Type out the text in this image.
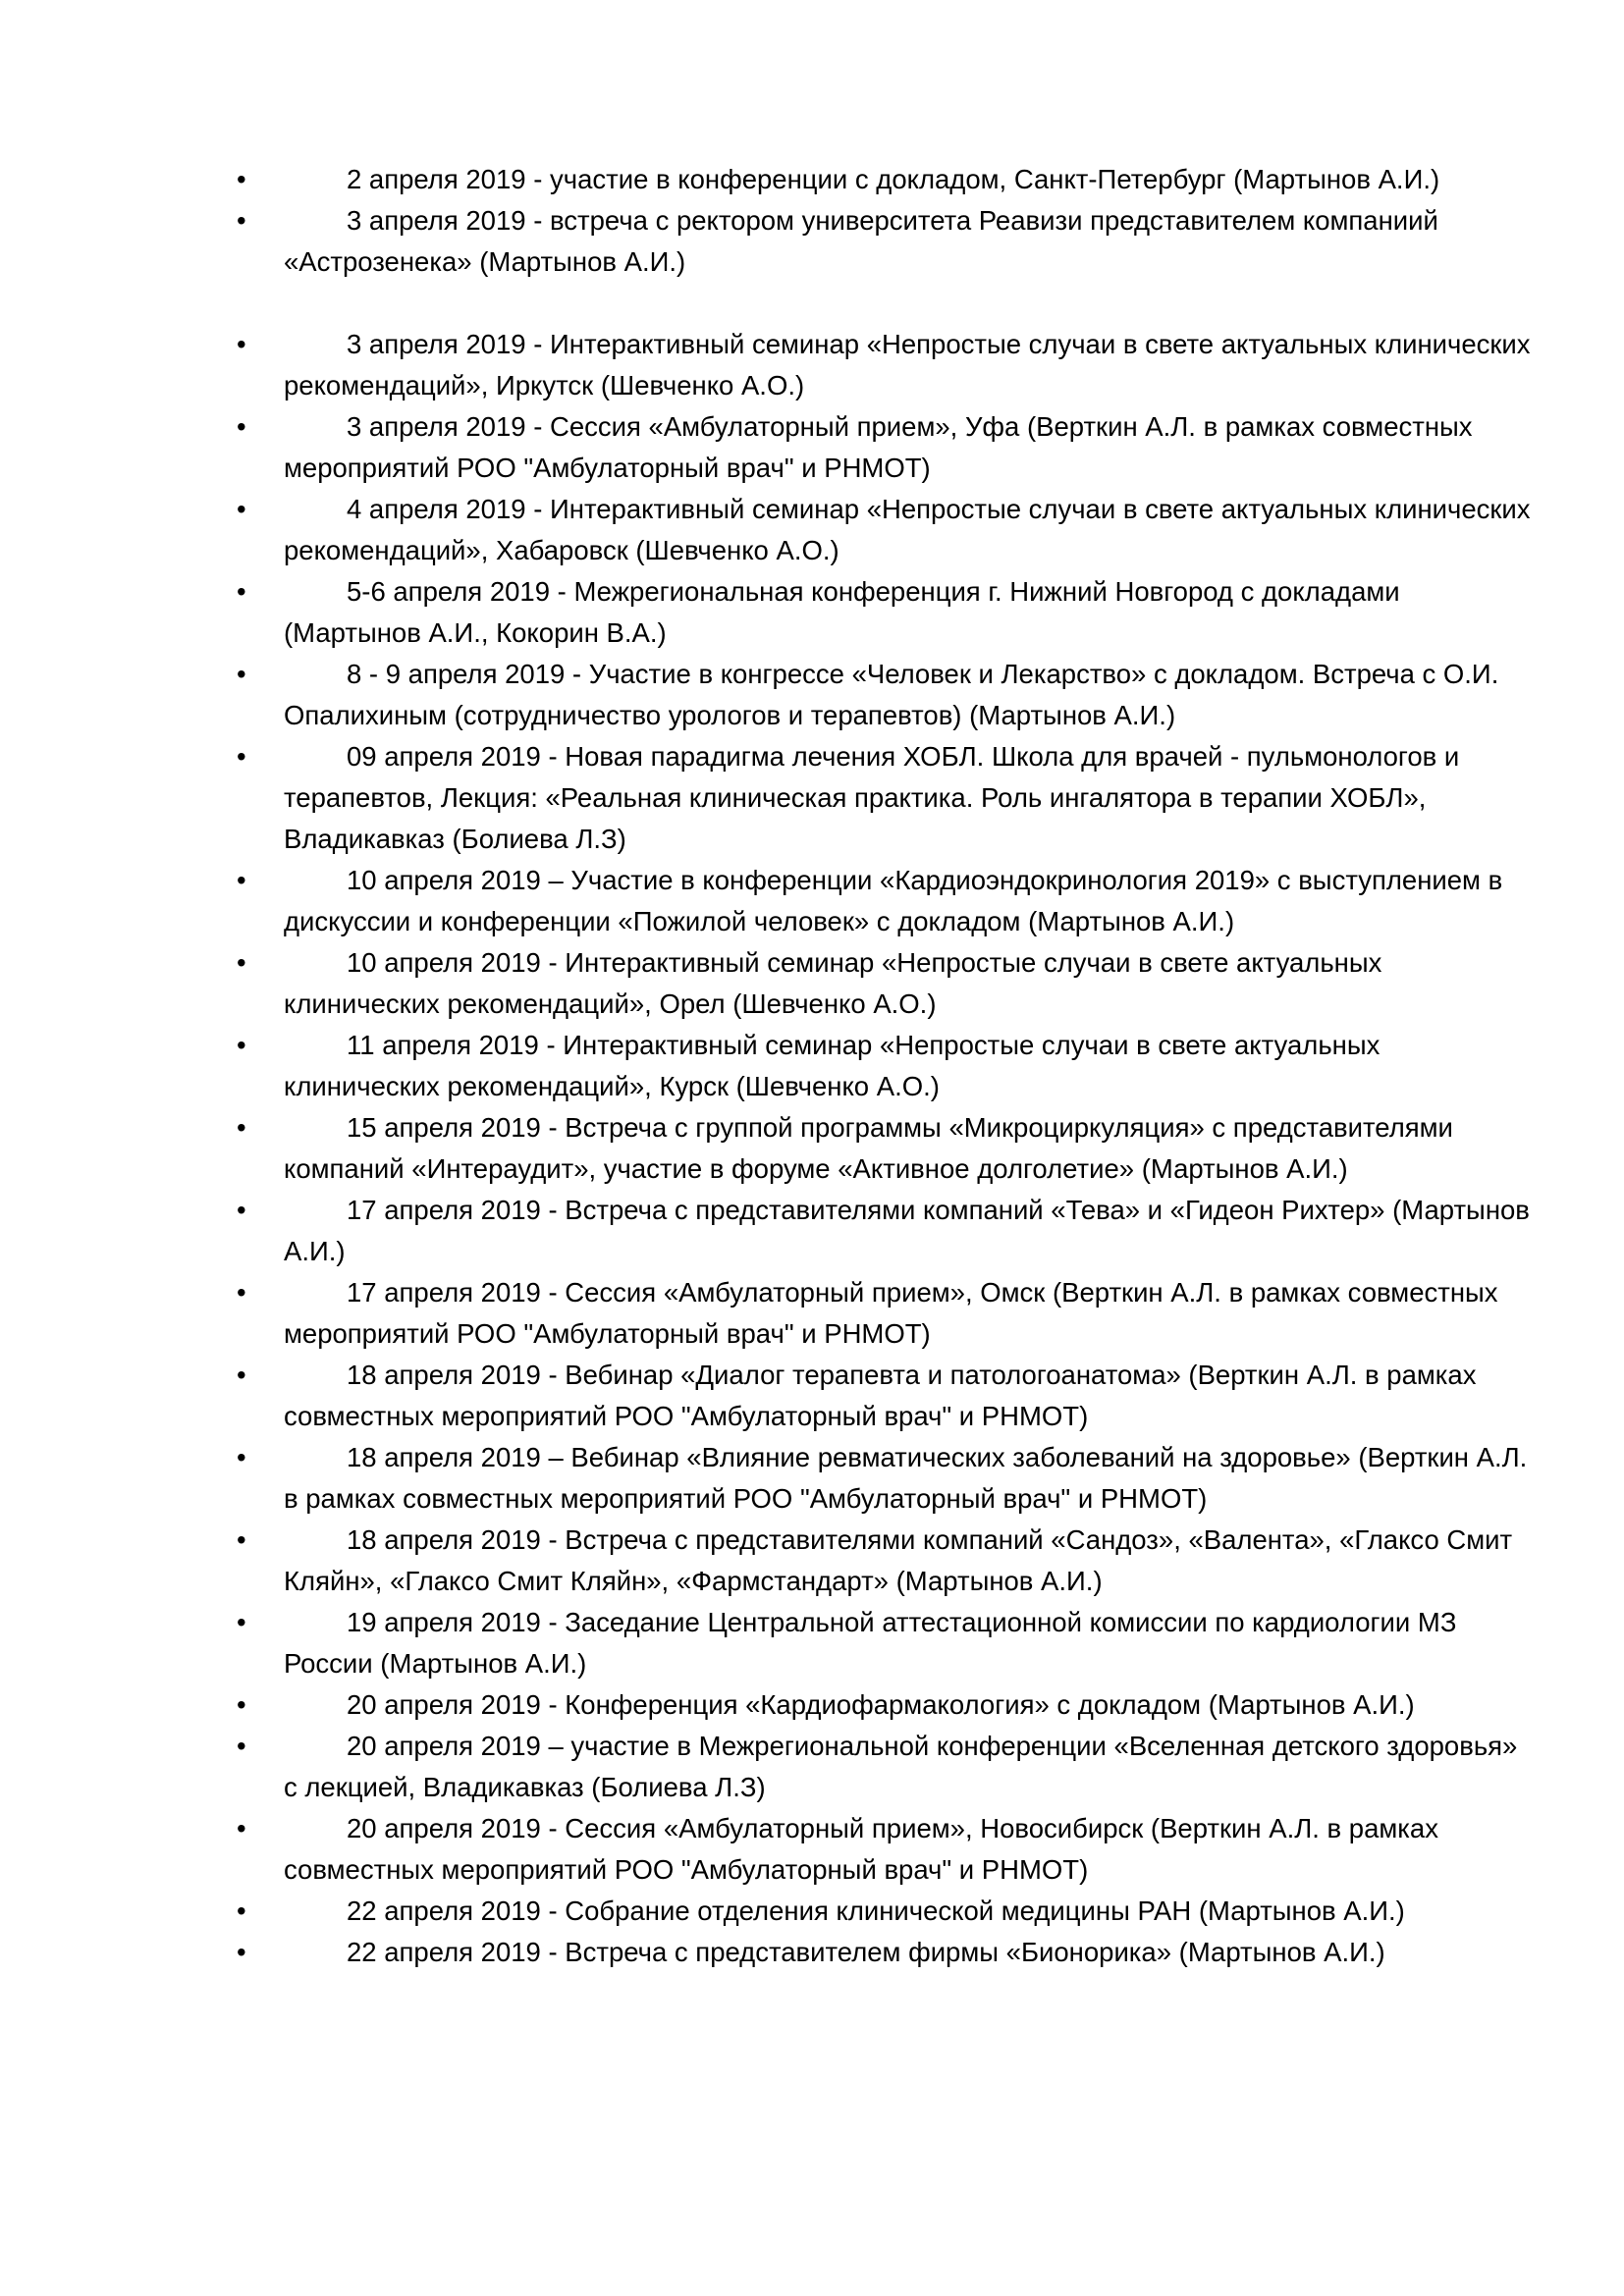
•	2 апреля 2019 - участие в конференции с докладом, Санкт-Петербург (Мартынов А.И.)
•	3 апреля 2019 - встреча с ректором университета Реавизи представителем компаниий «Астрозенека» (Мартынов А.И.)
•	3 апреля 2019 - Интерактивный семинар «Непростые случаи в свете актуальных клинических рекомендаций», Иркутск (Шевченко А.О.)
•	3 апреля 2019 - Сессия «Амбулаторный прием», Уфа (Верткин А.Л. в рамках совместных мероприятий РОО "Амбулаторный врач" и РНМОТ)
•	4 апреля 2019 - Интерактивный семинар «Непростые случаи в свете актуальных клинических рекомендаций», Хабаровск (Шевченко А.О.)
•	5-6 апреля 2019 - Межрегиональная конференция г. Нижний Новгород с докладами (Мартынов А.И., Кокорин В.А.)
•	8 - 9 апреля 2019 - Участие в конгрессе «Человек и Лекарство» с докладом. Встреча с О.И. Опалихиным (сотрудничество урологов и терапевтов) (Мартынов А.И.)
•	09 апреля 2019 - Новая парадигма лечения ХОБЛ. Школа для врачей - пульмонологов и терапевтов, Лекция: «Реальная клиническая практика. Роль ингалятора в терапии ХОБЛ», Владикавказ (Болиева Л.З)
•	10 апреля 2019 – Участие в конференции «Кардиоэндокринология 2019» с выступлением в дискуссии и конференции «Пожилой человек» с докладом (Мартынов А.И.)
•	10 апреля 2019 - Интерактивный семинар «Непростые случаи в свете актуальных клинических рекомендаций», Орел (Шевченко А.О.)
•	11 апреля 2019 - Интерактивный семинар «Непростые случаи в свете актуальных клинических рекомендаций», Курск (Шевченко А.О.)
•	15 апреля 2019 - Встреча с группой программы «Микроциркуляция» с представителями компаний «Интераудит», участие в форуме «Активное долголетие» (Мартынов А.И.)
•	17 апреля 2019 - Встреча с представителями компаний «Тева» и «Гидеон Рихтер» (Мартынов А.И.)
•	17 апреля 2019 - Сессия «Амбулаторный прием», Омск (Верткин А.Л. в рамках совместных мероприятий РОО "Амбулаторный врач" и РНМОТ)
•	18 апреля 2019 - Вебинар «Диалог терапевта и патологоанатома» (Верткин А.Л. в рамках совместных мероприятий РОО "Амбулаторный врач" и РНМОТ)
•	18 апреля 2019 – Вебинар «Влияние ревматических заболеваний на здоровье» (Верткин А.Л. в рамках совместных мероприятий РОО "Амбулаторный врач" и РНМОТ)
•	18 апреля 2019 - Встреча с представителями компаний «Сандоз», «Валента», «Глаксо Смит Кляйн», «Глаксо Смит Кляйн», «Фармстандарт» (Мартынов А.И.)
•	19 апреля 2019 - Заседание Центральной аттестационной комиссии по кардиологии МЗ России (Мартынов А.И.)
•	20 апреля 2019 - Конференция «Кардиофармакология» с докладом (Мартынов А.И.)
•	20 апреля 2019 – участие в Межрегиональной конференции «Вселенная детского здоровья» с лекцией, Владикавказ (Болиева Л.З)
•	20 апреля 2019 - Сессия «Амбулаторный прием», Новосибирск (Верткин А.Л. в рамках совместных мероприятий РОО "Амбулаторный врач" и РНМОТ)
•	22 апреля 2019 - Собрание отделения клинической медицины РАН (Мартынов А.И.)
•	22 апреля 2019 - Встреча с представителем фирмы «Бионорика» (Мартынов А.И.)
